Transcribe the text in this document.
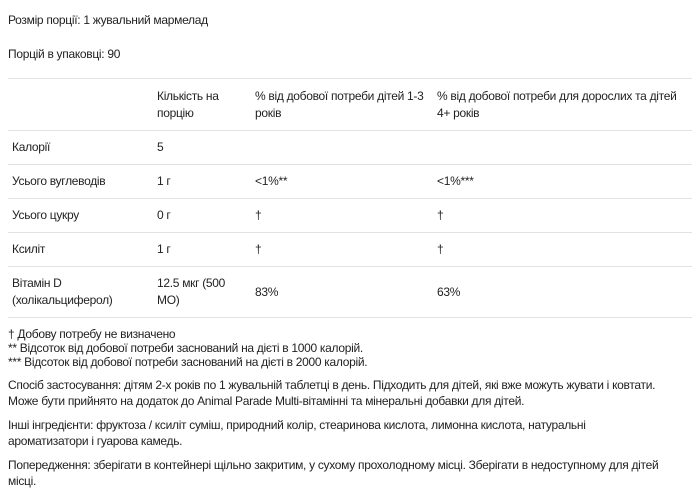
Розмір порції: 1 жувальний мармелад
Порцій в упаковці: 90
	Кількість на порцію	% від добової потреби дітей 1-3 років	% від добової потреби для дорослих та дітей 4+ років
Калорії	5		
Усього вуглеводів	1 г	<1%**	<1%***
Усього цукру	0 г	†	†
Ксиліт	1 г	†	†
Вітамін D (холікальциферол)	12.5 мкг (500 МО)	83%	63%
† Добову потребу не визначено
** Відсоток від добової потреби заснований на дієті в 1000 калорій.
*** Відсоток від добової потреби заснований на дієті в 2000 калорій.
Спосіб застосування: дітям 2-х років по 1 жувальній таблетці в день. Підходить для дітей, які вже можуть жувати і ковтати.
Може бути прийнято на додаток до Animal Parade Multi-вітамінні та мінеральні добавки для дітей.
Інші інгредієнти: фруктоза / ксиліт суміш, природний колір, стеаринова кислота, лимонна кислота, натуральні
ароматизатори і гуарова камедь.
Попередження: зберігати в контейнері щільно закритим, у сухому прохолодному місці. Зберігати в недоступному для дітей
місці.
